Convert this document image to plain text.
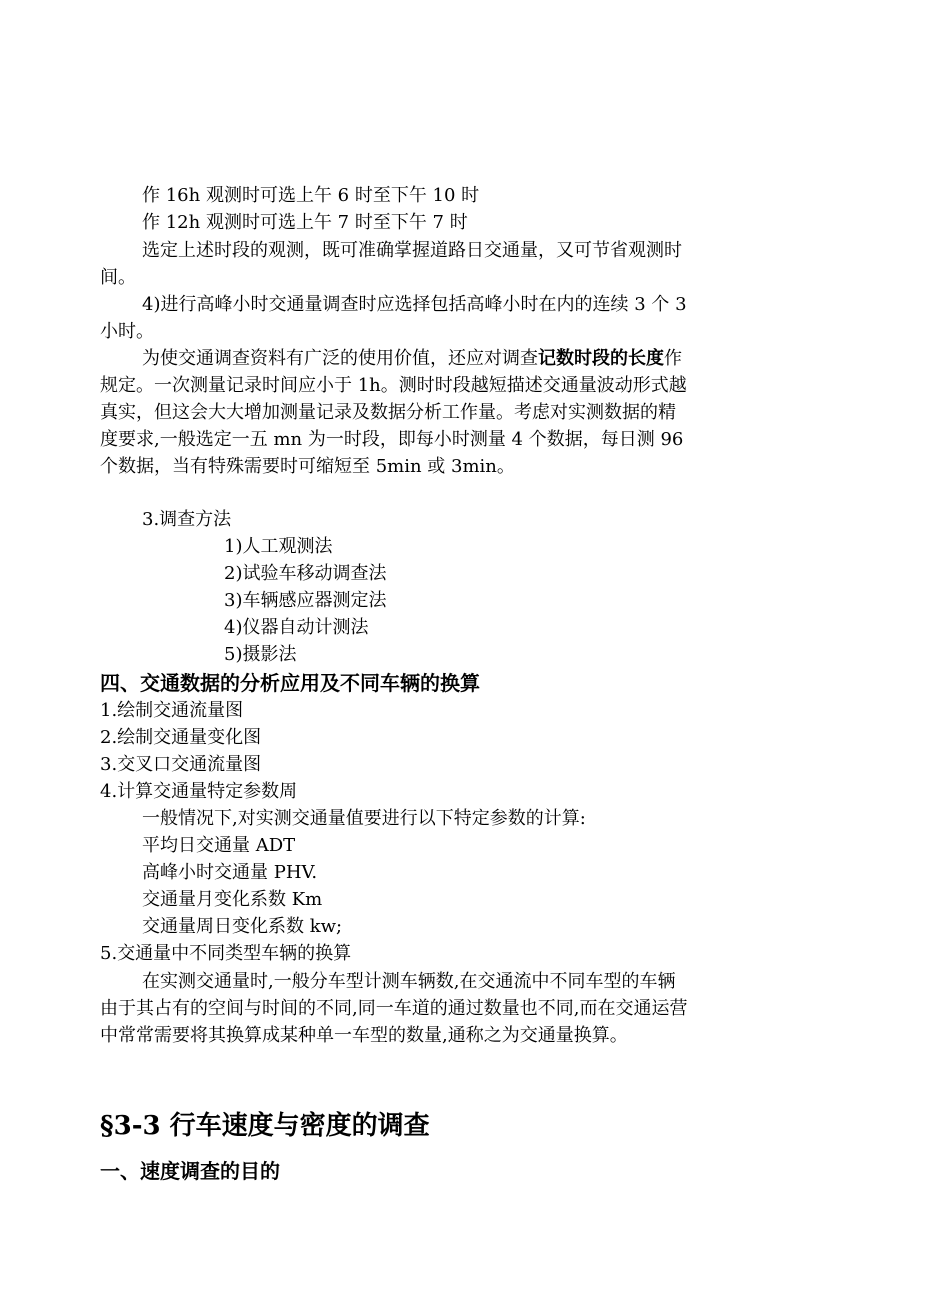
作 16h 观测时可选上午 6 时至下午 10 时
作 12h 观测时可选上午 7 时至下午 7 时
选定上述时段的观测，既可准确掌握道路日交通量，又可节省观测时间。
4)进行高峰小时交通量调查时应选择包括高峰小时在内的连续 3 个 3 小时。
为使交通调查资料有广泛的使用价值，还应对调查记数时段的长度作规定。一次测量记录时间应小于 1h。测时时段越短描述交通量波动形式越真实，但这会大大增加测量记录及数据分析工作量。考虑对实测数据的精度要求,一般选定一五 mn 为一时段，即每小时测量 4 个数据，每日测 96 个数据，当有特殊需要时可缩短至 5min 或 3min。
3.调查方法
1)人工观测法
2)试验车移动调查法
3)车辆感应器测定法
4)仪器自动计测法
5)摄影法
四、交通数据的分析应用及不同车辆的换算
1.绘制交通流量图
2.绘制交通量变化图
3.交叉口交通流量图
4.计算交通量特定参数周
一般情况下,对实测交通量值要进行以下特定参数的计算:
平均日交通量 ADT
高峰小时交通量 PHV.
交通量月变化系数 Km
交通量周日变化系数 kw;
5.交通量中不同类型车辆的换算
在实测交通量时,一般分车型计测车辆数,在交通流中不同车型的车辆由于其占有的空间与时间的不同,同一车道的通过数量也不同,而在交通运营中常常需要将其换算成某种单一车型的数量,通称之为交通量换算。
§3-3 行车速度与密度的调查
一、速度调查的目的
